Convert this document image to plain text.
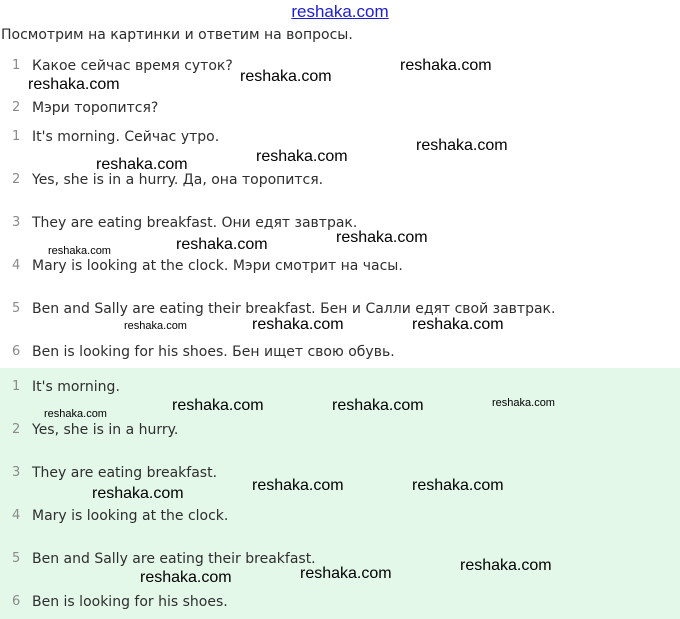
reshaka.com
Посмотрим на картинки и ответим на вопросы.
1 Какое сейчас время суток?
2 Мэри торопится?
1 It's morning. Сейчас утро.
2 Yes, she is in a hurry. Да, она торопится.
3 They are eating breakfast. Они едят завтрак.
4 Mary is looking at the clock. Мэри смотрит на часы.
5 Ben and Sally are eating their breakfast. Бен и Салли едят свой завтрак.
6 Ben is looking for his shoes. Бен ищет свою обувь.
1 It's morning.
2 Yes, she is in a hurry.
3 They are eating breakfast.
4 Mary is looking at the clock.
5 Ben and Sally are eating their breakfast.
6 Ben is looking for his shoes.
reshaka.com
reshaka.com
reshaka.com
reshaka.com
reshaka.com
reshaka.com
reshaka.com	reshaka.com
reshaka.com
reshaka.com	reshaka.com
reshaka.com
reshaka.com	reshaka.com	reshaka.com
reshaka.com
reshaka.com	reshaka.com
reshaka.com
reshaka.com
reshaka.com
reshaka.com
